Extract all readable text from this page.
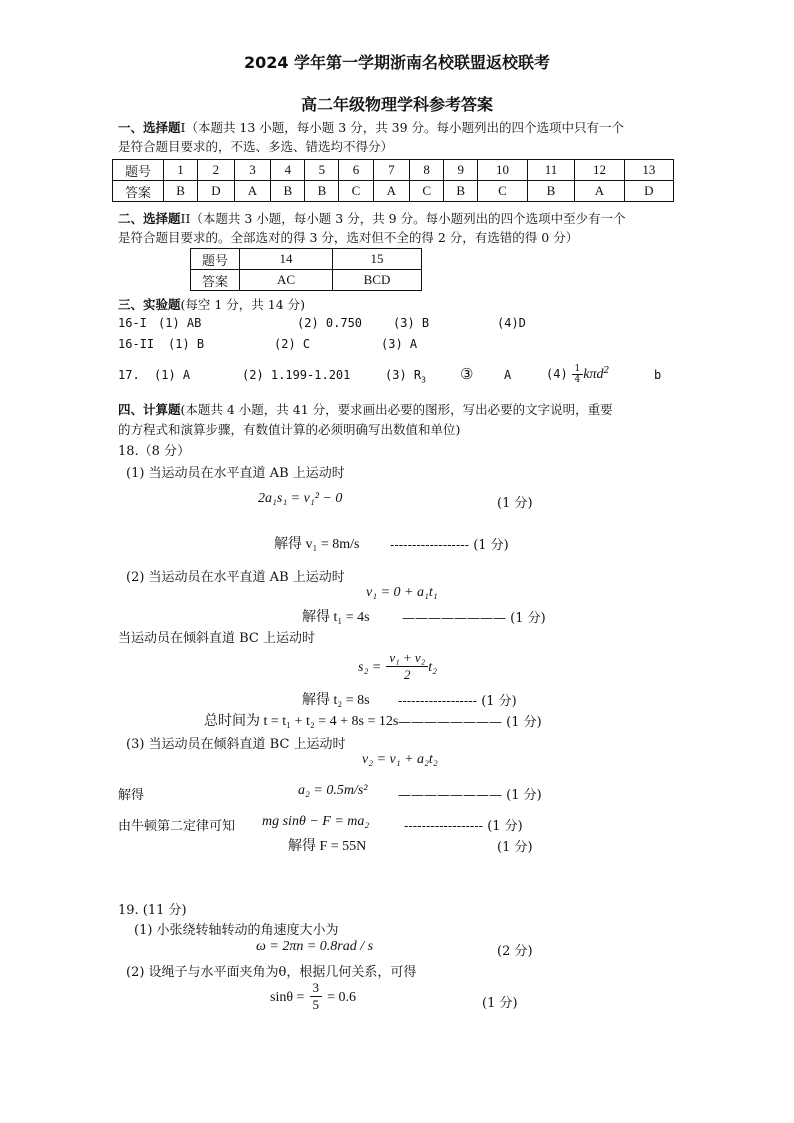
2024 学年第一学期浙南名校联盟返校联考
高二年级物理学科参考答案
一、选择题I（本题共 13 小题，每小题 3 分，共 39 分。每小题列出的四个选项中只有一个
是符合题目要求的，不选、多选、错选均不得分）
题号	1	2	3	4	5	6	7	8	9	10	11	12	13
答案	B	D	A	B	B	C	A	C	B	C	B	A	D
二、选择题II（本题共 3 小题，每小题 3 分，共 9 分。每小题列出的四个选项中至少有一个
是符合题目要求的。全部选对的得 3 分，选对但不全的得 2 分，有选错的得 0 分）
题号	14	15
答案	AC	BCD
三、实验题(每空 1 分，共 14 分)
16-I (1) AB	(2) 0.750	(3) B	(4)D
16-II (1) B	(2) C	(3) A
17. (1) A	(2) 1.199-1.201	(3) $R_3$ ③	A	$(4) \frac{1}{4} k\pi d^2$	b
四、计算题(本题共 4 小题，共 41 分，要求画出必要的图形，写出必要的文字说明，重要
的方程式和演算步骤，有数值计算的必须明确写出数值和单位)
18.（8 分）
(1) 当运动员在水平直道 AB 上运动时
2a₁s₁ = v₁² − 0	(1 分)
解得 v₁ = 8m/s ------------------ (1 分)
(2) 当运动员在水平直道 AB 上运动时
v₁ = 0 + a₁t₁
解得 t₁ = 4s ———————— (1 分)
当运动员在倾斜直道 BC 上运动时
$s_2 = \frac{\text{v₁ + v₂}}{2} t_2$
解得 t₂ = 8s ------------------ (1 分)
总时间为 t = t₁ + t₂ = 4 + 8s = 12s ———————— (1 分)
(3) 当运动员在倾斜直道 BC 上运动时
v₂ = v₁ + a₂t₂
解得	a₂ = 0.5m/s² ———————— (1 分)
由牛顿第二定律可知 mg sinθ − F = ma₂	------------------ (1 分)
解得 F = 55N	(1 分)
19. (11 分)
(1) 小张绕转轴转动的角速度大小为
ω = 2πn = 0.8rad / s	(2 分)
(2) 设绳子与水平面夹角为θ，根据几何关系，可得
$\sin\theta = \frac{3}{5} = 0.6$	(1 分)
